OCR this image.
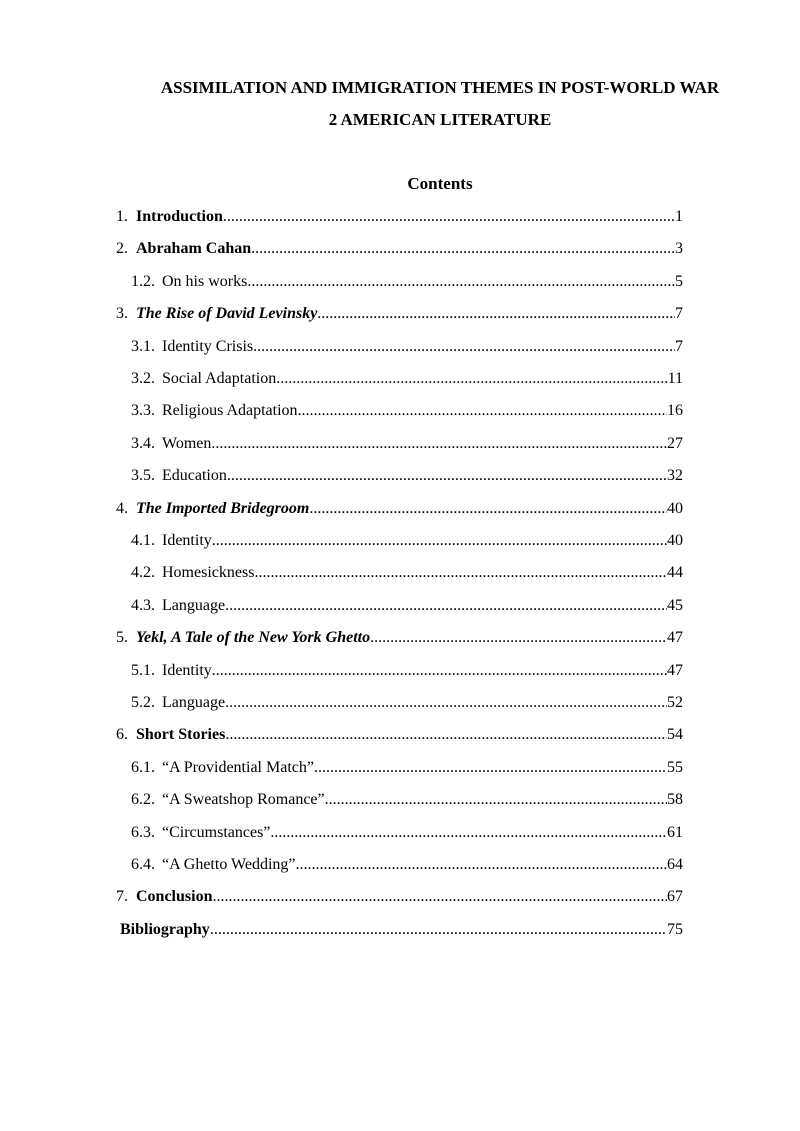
ASSIMILATION AND IMMIGRATION THEMES IN POST-WORLD WAR
2 AMERICAN LITERATURE
Contents
1. Introduction .....	1
2. Abraham Cahan .....	3
1.2. On his works .....	5
3. The Rise of David Levinsky .....	7
3.1. Identity Crisis .....	7
3.2. Social Adaptation .....	11
3.3. Religious Adaptation .....	16
3.4. Women .....	27
3.5. Education .....	32
4. The Imported Bridegroom .....	40
4.1. Identity .....	40
4.2. Homesickness .....	44
4.3. Language .....	45
5. Yekl, A Tale of the New York Ghetto .....	47
5.1. Identity .....	47
5.2. Language .....	52
6. Short Stories .....	54
6.1. “A Providential Match” .....	55
6.2. “A Sweatshop Romance” .....	58
6.3. “Circumstances” .....	61
6.4. “A Ghetto Wedding” .....	64
7. Conclusion .....	67
Bibliography .....	75
